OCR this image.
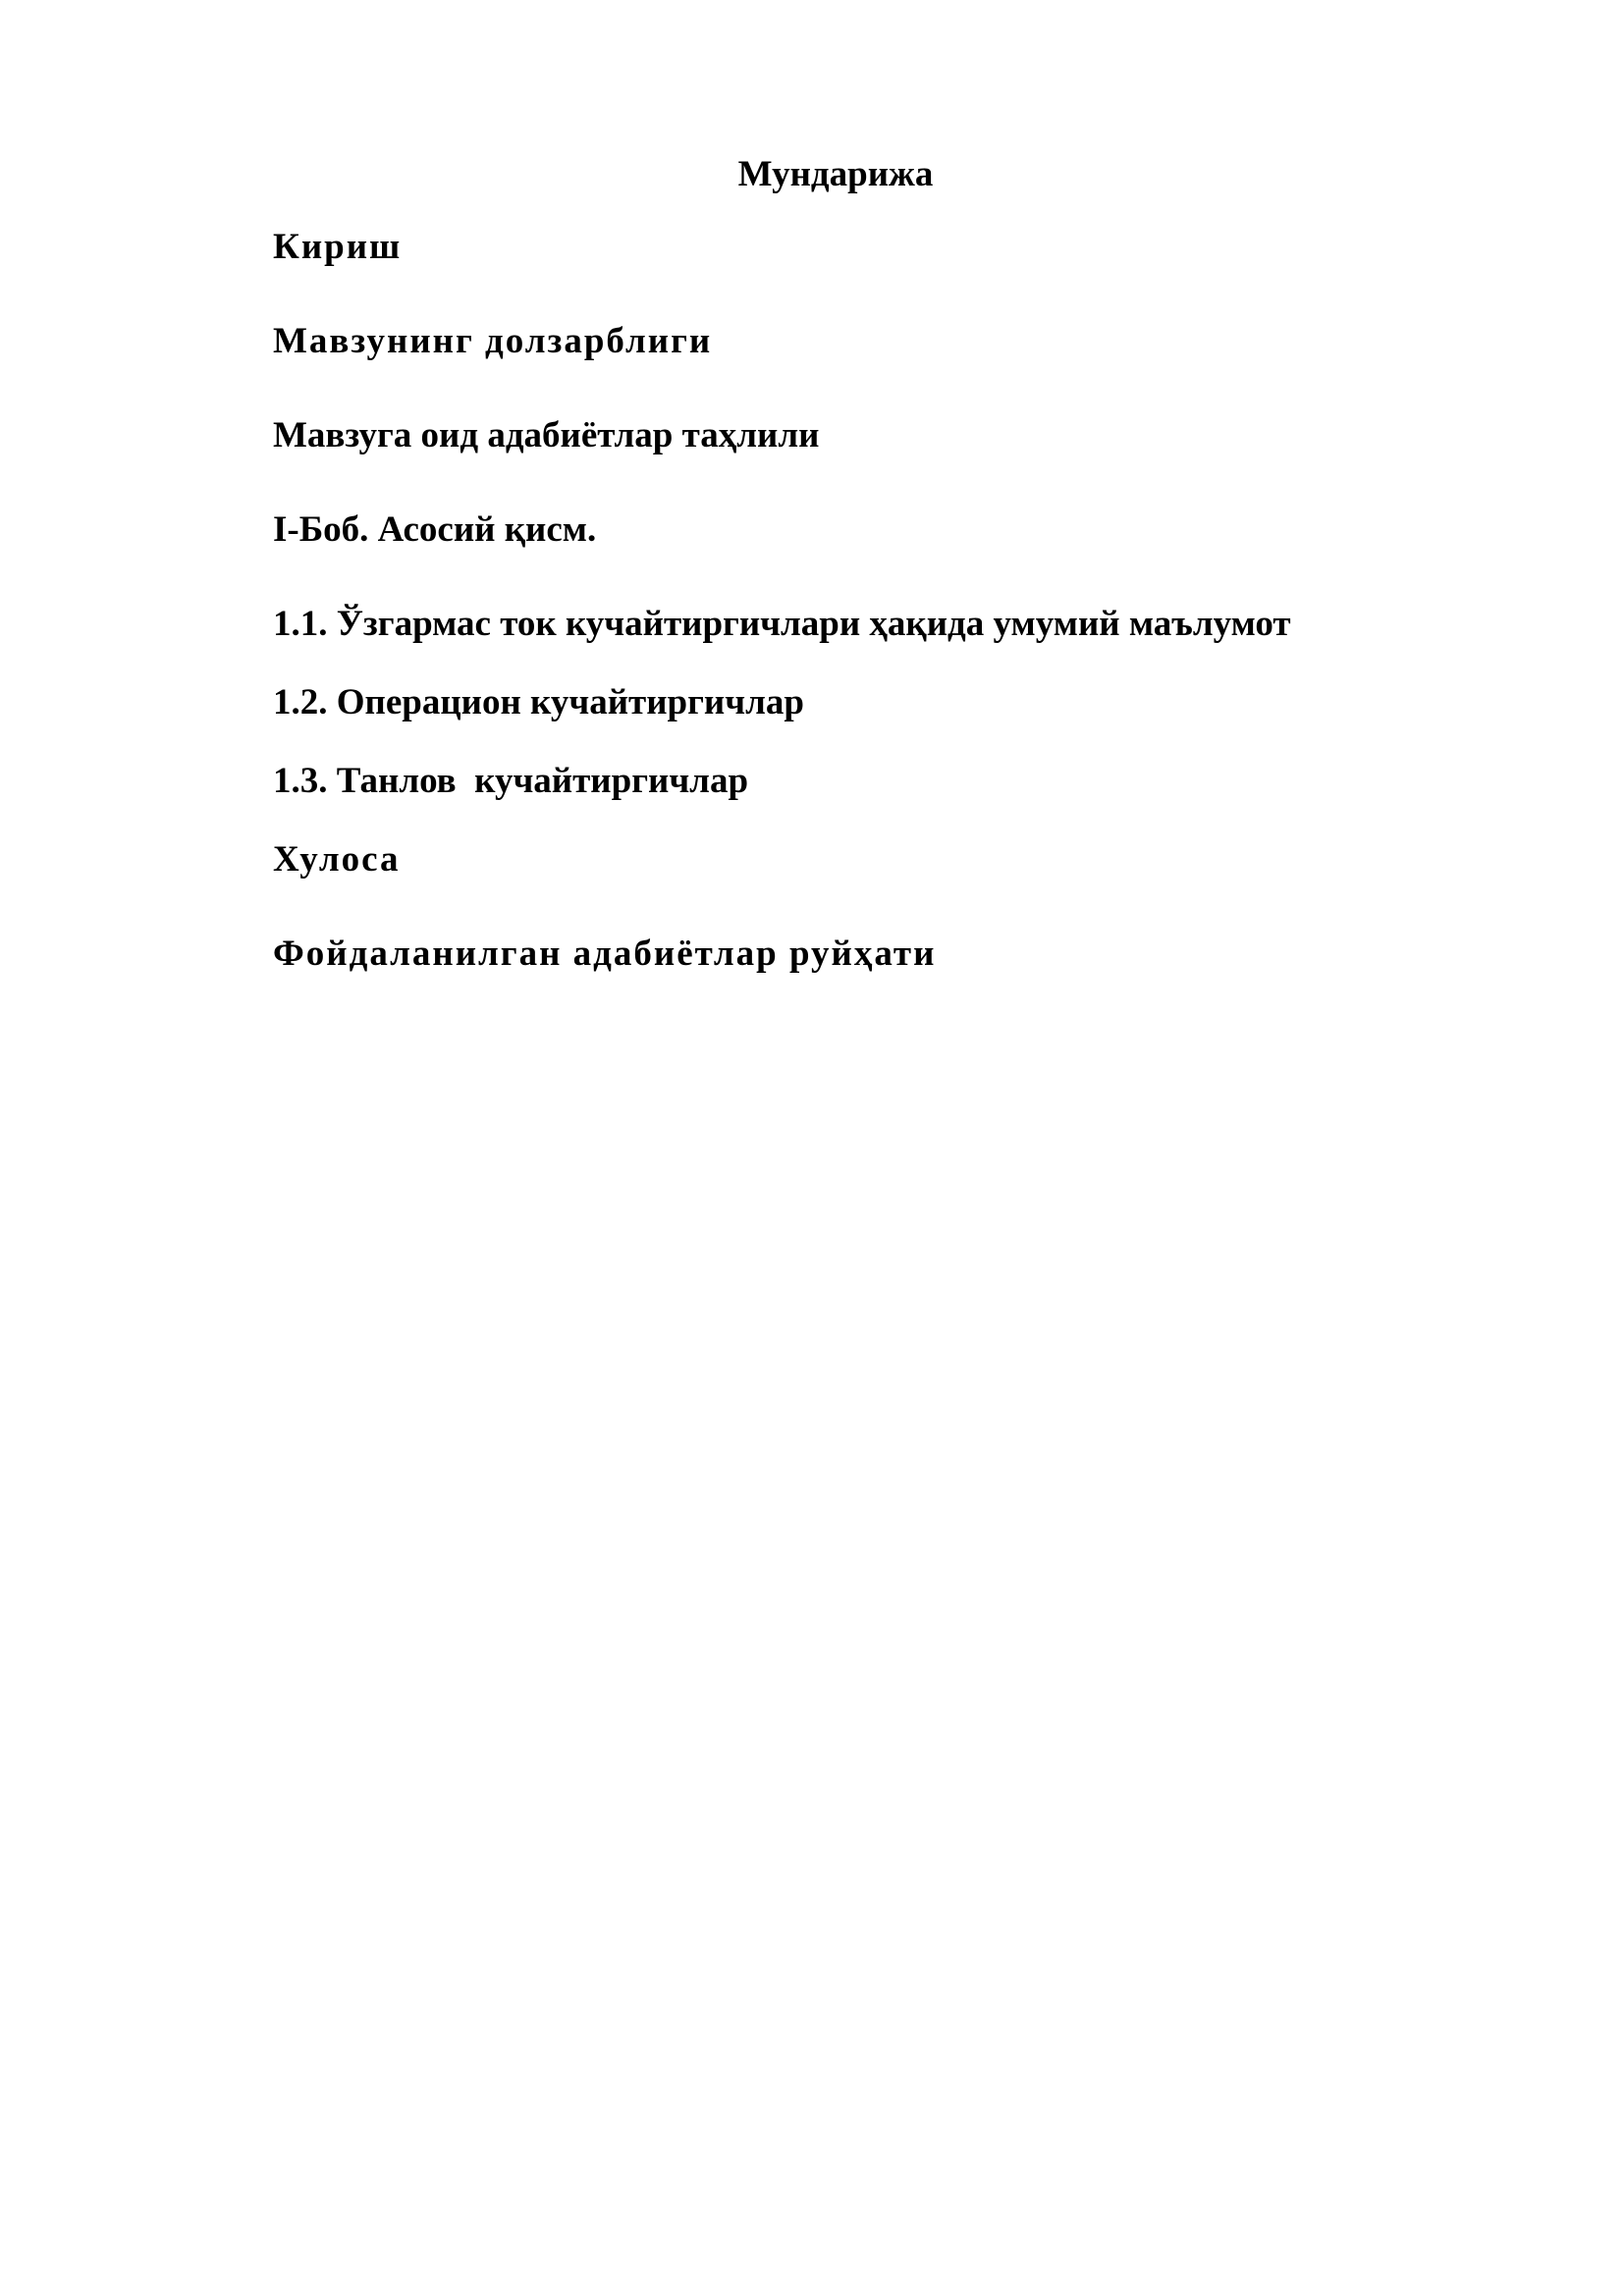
Мундарижа

Кириш

Мавзунинг долзарблиги

Мавзуга оид адабиётлар таҳлили

I-Боб. Асосий қисм.

1.1. Ўзгармас ток кучайтиргичлари ҳақида умумий маълумот

1.2. Операцион кучайтиргичлар

1.3. Танлов  кучайтиргичлар

Хулоса

Фойдаланилган адабиётлар руйҳати
